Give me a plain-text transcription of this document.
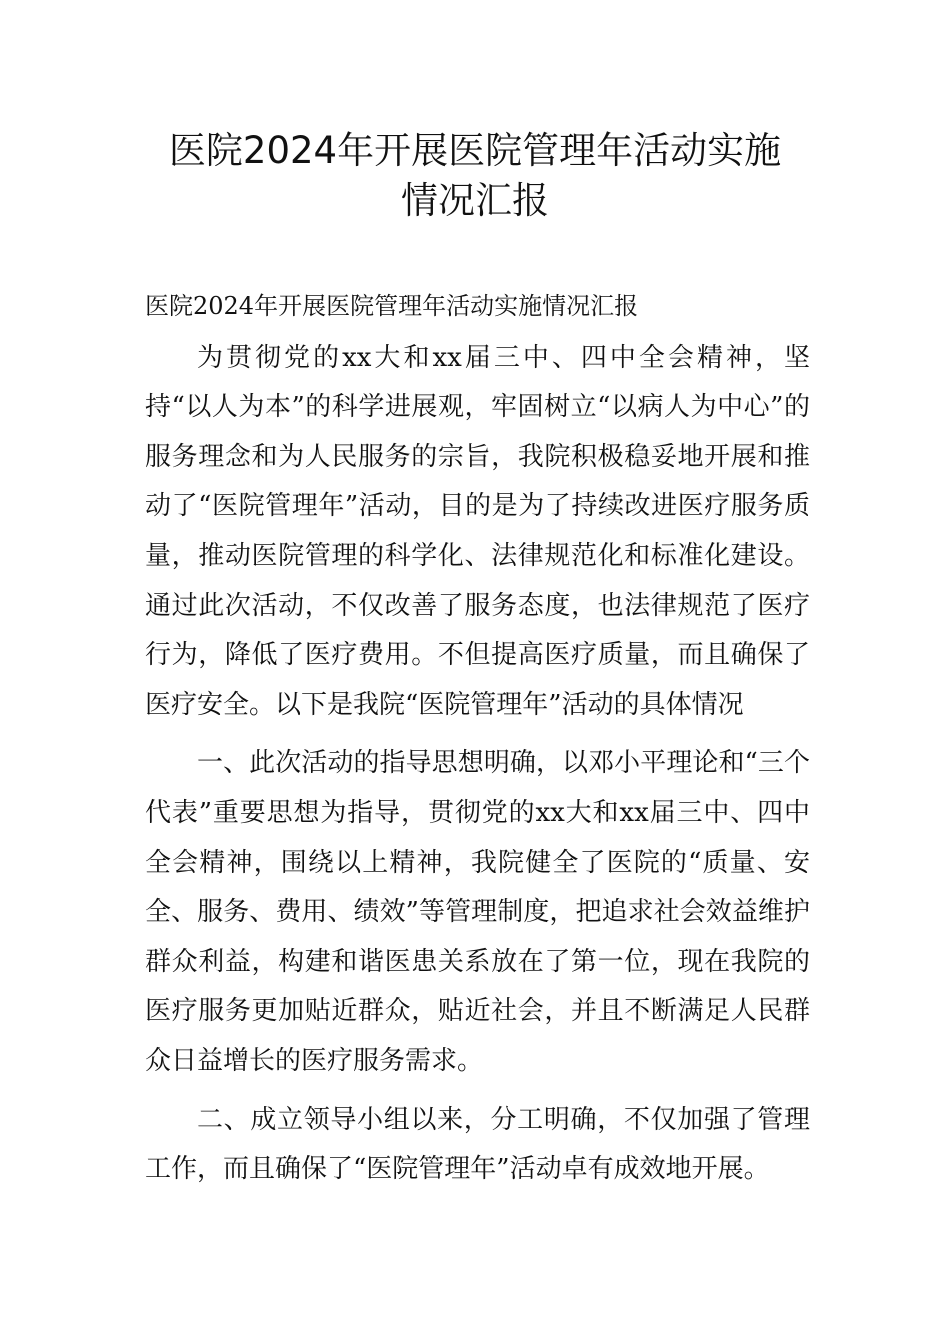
医院2024年开展医院管理年活动实施
情况汇报
医院2024年开展医院管理年活动实施情况汇报

为贯彻党的xx大和xx届三中、四中全会精神，坚持“以人为本”的科学进展观，牢固树立“以病人为中心”的服务理念和为人民服务的宗旨，我院积极稳妥地开展和推动了“医院管理年”活动，目的是为了持续改进医疗服务质量，推动医院管理的科学化、法律规范化和标准化建设。通过此次活动，不仅改善了服务态度，也法律规范了医疗行为，降低了医疗费用。不但提高医疗质量，而且确保了医疗安全。以下是我院“医院管理年”活动的具体情况

一、此次活动的指导思想明确，以邓小平理论和“三个代表”重要思想为指导，贯彻党的xx大和xx届三中、四中全会精神，围绕以上精神，我院健全了医院的“质量、安全、服务、费用、绩效”等管理制度，把追求社会效益维护群众利益，构建和谐医患关系放在了第一位，现在我院的医疗服务更加贴近群众，贴近社会，并且不断满足人民群众日益增长的医疗服务需求。

二、成立领导小组以来，分工明确，不仅加强了管理工作，而且确保了“医院管理年”活动卓有成效地开展。
